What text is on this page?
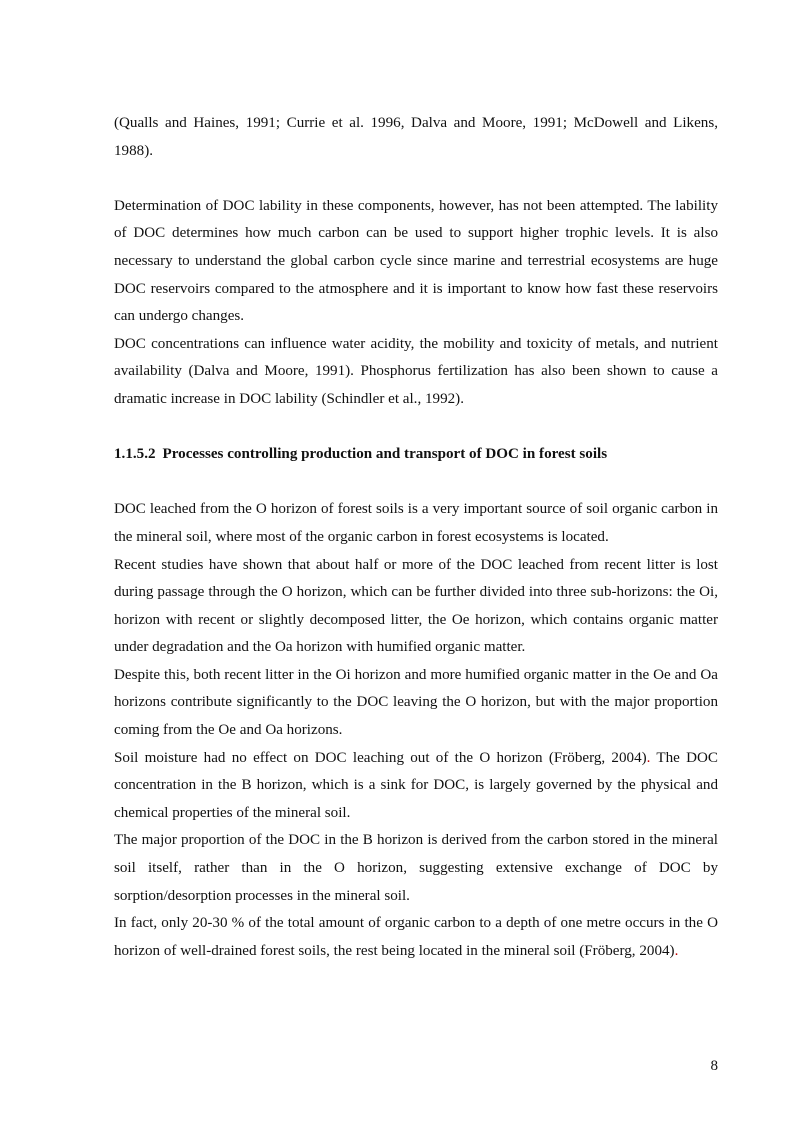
(Qualls and Haines, 1991; Currie et al. 1996, Dalva and Moore, 1991; McDowell and Likens, 1988).

Determination of DOC lability in these components, however, has not been attempted. The lability of DOC determines how much carbon can be used to support higher trophic levels. It is also necessary to understand the global carbon cycle since marine and terrestrial ecosystems are huge DOC reservoirs compared to the atmosphere and it is important to know how fast these reservoirs can undergo changes.

DOC concentrations can influence water acidity, the mobility and toxicity of metals, and nutrient availability (Dalva and Moore, 1991). Phosphorus fertilization has also been shown to cause a dramatic increase in DOC lability (Schindler et al., 1992).

1.1.5.2 Processes controlling production and transport of DOC in forest soils

DOC leached from the O horizon of forest soils is a very important source of soil organic carbon in the mineral soil, where most of the organic carbon in forest ecosystems is located.

Recent studies have shown that about half or more of the DOC leached from recent litter is lost during passage through the O horizon, which can be further divided into three sub-horizons: the Oi, horizon with recent or slightly decomposed litter, the Oe horizon, which contains organic matter under degradation and the Oa horizon with humified organic matter.

Despite this, both recent litter in the Oi horizon and more humified organic matter in the Oe and Oa horizons contribute significantly to the DOC leaving the O horizon, but with the major proportion coming from the Oe and Oa horizons.

Soil moisture had no effect on DOC leaching out of the O horizon (Fröberg, 2004). The DOC concentration in the B horizon, which is a sink for DOC, is largely governed by the physical and chemical properties of the mineral soil.

The major proportion of the DOC in the B horizon is derived from the carbon stored in the mineral soil itself, rather than in the O horizon, suggesting extensive exchange of DOC by sorption/desorption processes in the mineral soil.

In fact, only 20-30 % of the total amount of organic carbon to a depth of one metre occurs in the O horizon of well-drained forest soils, the rest being located in the mineral soil (Fröberg, 2004).

8
